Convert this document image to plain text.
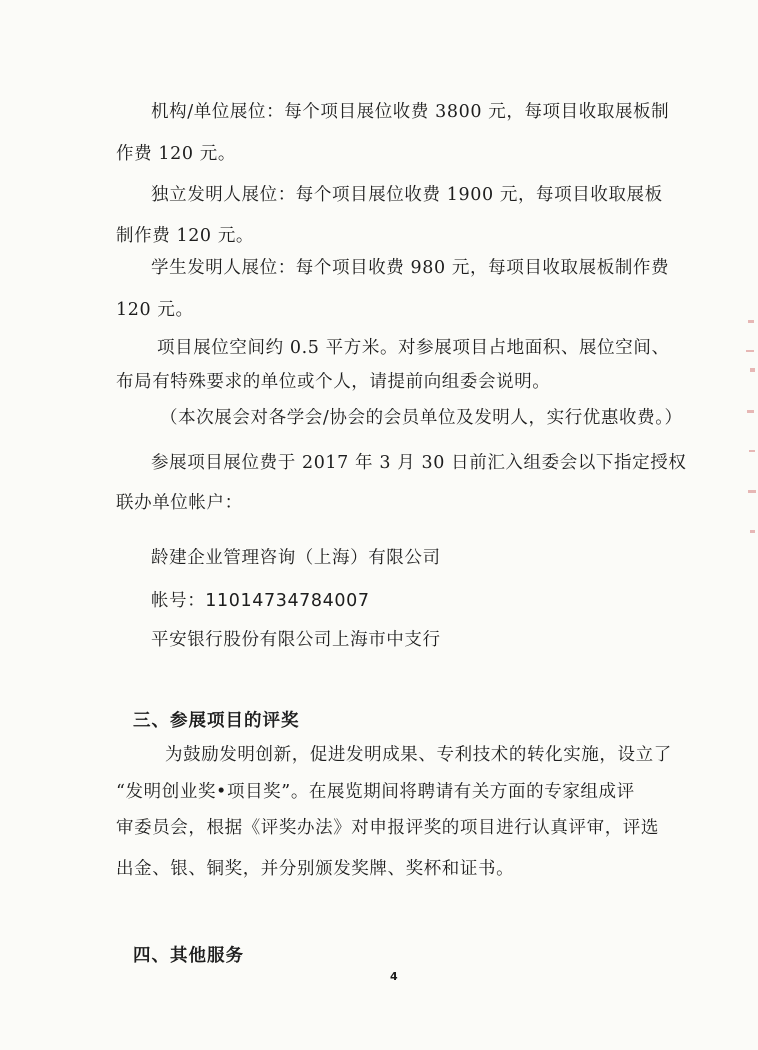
机构/单位展位：每个项目展位收费 3800 元，每项目收取展板制
作费 120 元。
独立发明人展位：每个项目展位收费 1900 元，每项目收取展板
制作费 120 元。
学生发明人展位：每个项目收费 980 元，每项目收取展板制作费
120 元。
项目展位空间约 0.5 平方米。对参展项目占地面积、展位空间、
布局有特殊要求的单位或个人，请提前向组委会说明。
（本次展会对各学会/协会的会员单位及发明人，实行优惠收费。）
参展项目展位费于 2017 年 3 月 30 日前汇入组委会以下指定授权
联办单位帐户：
龄建企业管理咨询（上海）有限公司
帐号：11014734784007
平安银行股份有限公司上海市中支行
三、参展项目的评奖
为鼓励发明创新，促进发明成果、专利技术的转化实施，设立了
“发明创业奖•项目奖”。在展览期间将聘请有关方面的专家组成评
审委员会，根据《评奖办法》对申报评奖的项目进行认真评审，评选
出金、银、铜奖，并分别颁发奖牌、奖杯和证书。
四、其他服务
4
